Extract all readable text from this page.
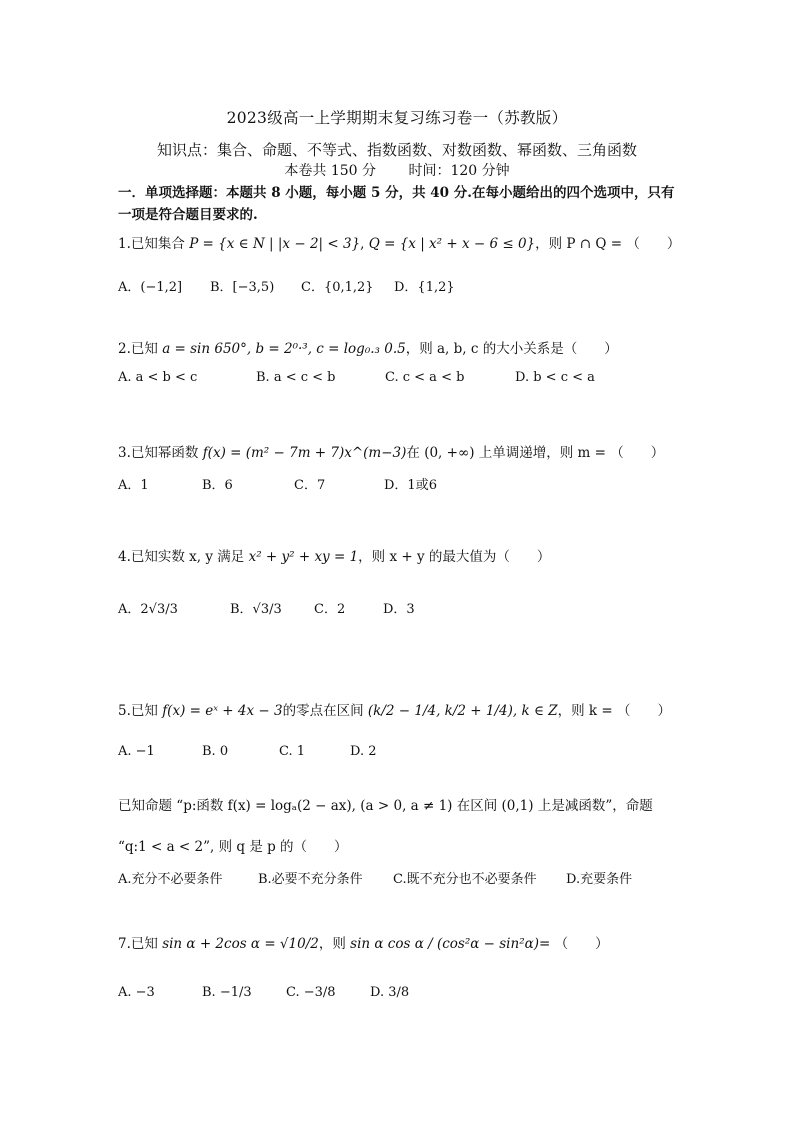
2023级高一上学期期末复习练习卷一（苏教版）
知识点：集合、命题、不等式、指数函数、对数函数、幂函数、三角函数
本卷共 150 分 时间：120 分钟
一．单项选择题：本题共 8 小题，每小题 5 分，共 40 分.在每小题给出的四个选项中，只有一项是符合题目要求的.
1.已知集合 P = {x ∈ N | |x − 2| < 3}, Q = {x | x² + x − 6 ≤ 0}，则 P ∩ Q = （　　）
A．(−1,2] B．[−3,5) C．{0,1,2} D．{1,2}
2.已知 a = sin 650°, b = 2⁰·³, c = log₀.₃ 0.5，则 a, b, c 的大小关系是（　　）
A. a < b < c	B. a < c < b	C. c < a < b	D. b < c < a
3.已知幂函数 f(x) = (m² − 7m + 7)x^(m−3)在 (0, +∞) 上单调递增，则 m = （　　）
A．1	B．6	C．7	D．1或6
4.已知实数 x, y 满足 x² + y² + xy = 1，则 x + y 的最大值为（　　）
A．2√3/3	B．√3/3 C．2	D．3
5.已知 f(x) = eˣ + 4x − 3的零点在区间 (k/2 − 1/4, k/2 + 1/4), k ∈ Z，则 k = （　　）
A. −1	B. 0	C. 1	D. 2
已知命题 “p:函数 f(x) = logₐ(2 − ax), (a > 0, a ≠ 1) 在区间 (0,1) 上是减函数”，命题
“q:1 < a < 2”, 则 q 是 p 的（　　）
A.充分不必要条件	B.必要不充分条件 C.既不充分也不必要条件 D.充要条件
7.已知 sin α + 2cos α = √10/2，则 sin α cos α / (cos²α − sin²α)= （　　）
A. −3	B. −1/3	C. −3/8	D. 3/8
